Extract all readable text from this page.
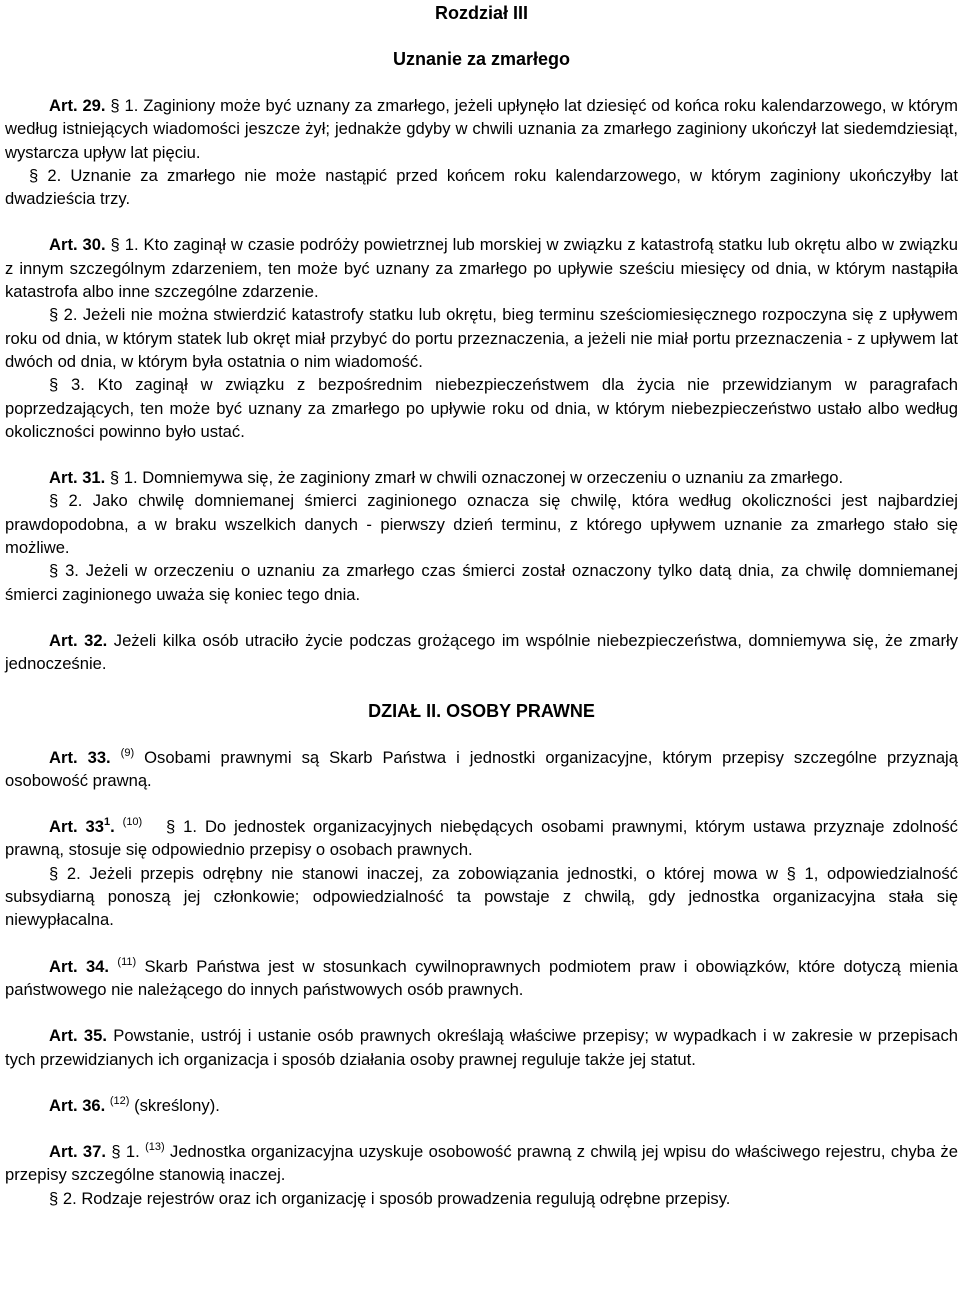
Rozdział III
Uznanie za zmarłego

Art. 29. § 1. Zaginiony może być uznany za zmarłego, jeżeli upłynęło lat dziesięć od końca roku kalendarzowego, w którym według istniejących wiadomości jeszcze żył; jednakże gdyby w chwili uznania za zmarłego zaginiony ukończył lat siedemdziesiąt, wystarcza upływ lat pięciu.

§ 2. Uznanie za zmarłego nie może nastąpić przed końcem roku kalendarzowego, w którym zaginiony ukończyłby lat dwadzieścia trzy.

Art. 30. § 1. Kto zaginął w czasie podróży powietrznej lub morskiej w związku z katastrofą statku lub okrętu albo w związku z innym szczególnym zdarzeniem, ten może być uznany za zmarłego po upływie sześciu miesięcy od dnia, w którym nastąpiła katastrofa albo inne szczególne zdarzenie.

§ 2. Jeżeli nie można stwierdzić katastrofy statku lub okrętu, bieg terminu sześciomiesięcznego rozpoczyna się z upływem roku od dnia, w którym statek lub okręt miał przybyć do portu przeznaczenia, a jeżeli nie miał portu przeznaczenia - z upływem lat dwóch od dnia, w którym była ostatnia o nim wiadomość.

§ 3. Kto zaginął w związku z bezpośrednim niebezpieczeństwem dla życia nie przewidzianym w paragrafach poprzedzających, ten może być uznany za zmarłego po upływie roku od dnia, w którym niebezpieczeństwo ustało albo według okoliczności powinno było ustać.

Art. 31. § 1. Domniemywa się, że zaginiony zmarł w chwili oznaczonej w orzeczeniu o uznaniu za zmarłego.

§ 2. Jako chwilę domniemanej śmierci zaginionego oznacza się chwilę, która według okoliczności jest najbardziej prawdopodobna, a w braku wszelkich danych - pierwszy dzień terminu, z którego upływem uznanie za zmarłego stało się możliwe.

§ 3. Jeżeli w orzeczeniu o uznaniu za zmarłego czas śmierci został oznaczony tylko datą dnia, za chwilę domniemanej śmierci zaginionego uważa się koniec tego dnia.

Art. 32. Jeżeli kilka osób utraciło życie podczas grożącego im wspólnie niebezpieczeństwa, domniemywa się, że zmarły jednocześnie.

DZIAŁ II. OSOBY PRAWNE

Art. 33. $^{(9)}$ Osobami prawnymi są Skarb Państwa i jednostki organizacyjne, którym przepisy szczególne przyznają osobowość prawną.

Art. $33^1$. $^{(10)}$ § 1. Do jednostek organizacyjnych niebędących osobami prawnymi, którym ustawa przyznaje zdolność prawną, stosuje się odpowiednio przepisy o osobach prawnych.

§ 2. Jeżeli przepis odrębny nie stanowi inaczej, za zobowiązania jednostki, o której mowa w § 1, odpowiedzialność subsydiarną ponoszą jej członkowie; odpowiedzialność ta powstaje z chwilą, gdy jednostka organizacyjna stała się niewypłacalna.

Art. 34. $^{(11)}$ Skarb Państwa jest w stosunkach cywilnoprawnych podmiotem praw i obowiązków, które dotyczą mienia państwowego nie należącego do innych państwowych osób prawnych.

Art. 35. Powstanie, ustrój i ustanie osób prawnych określają właściwe przepisy; w wypadkach i w zakresie w przepisach tych przewidzianych ich organizacja i sposób działania osoby prawnej reguluje także jej statut.

Art. 36. $^{(12)}$ (skreślony).

Art. 37. § 1. $^{(13)}$ Jednostka organizacyjna uzyskuje osobowość prawną z chwilą jej wpisu do właściwego rejestru, chyba że przepisy szczególne stanowią inaczej.

§ 2. Rodzaje rejestrów oraz ich organizację i sposób prowadzenia regulują odrębne przepisy.
